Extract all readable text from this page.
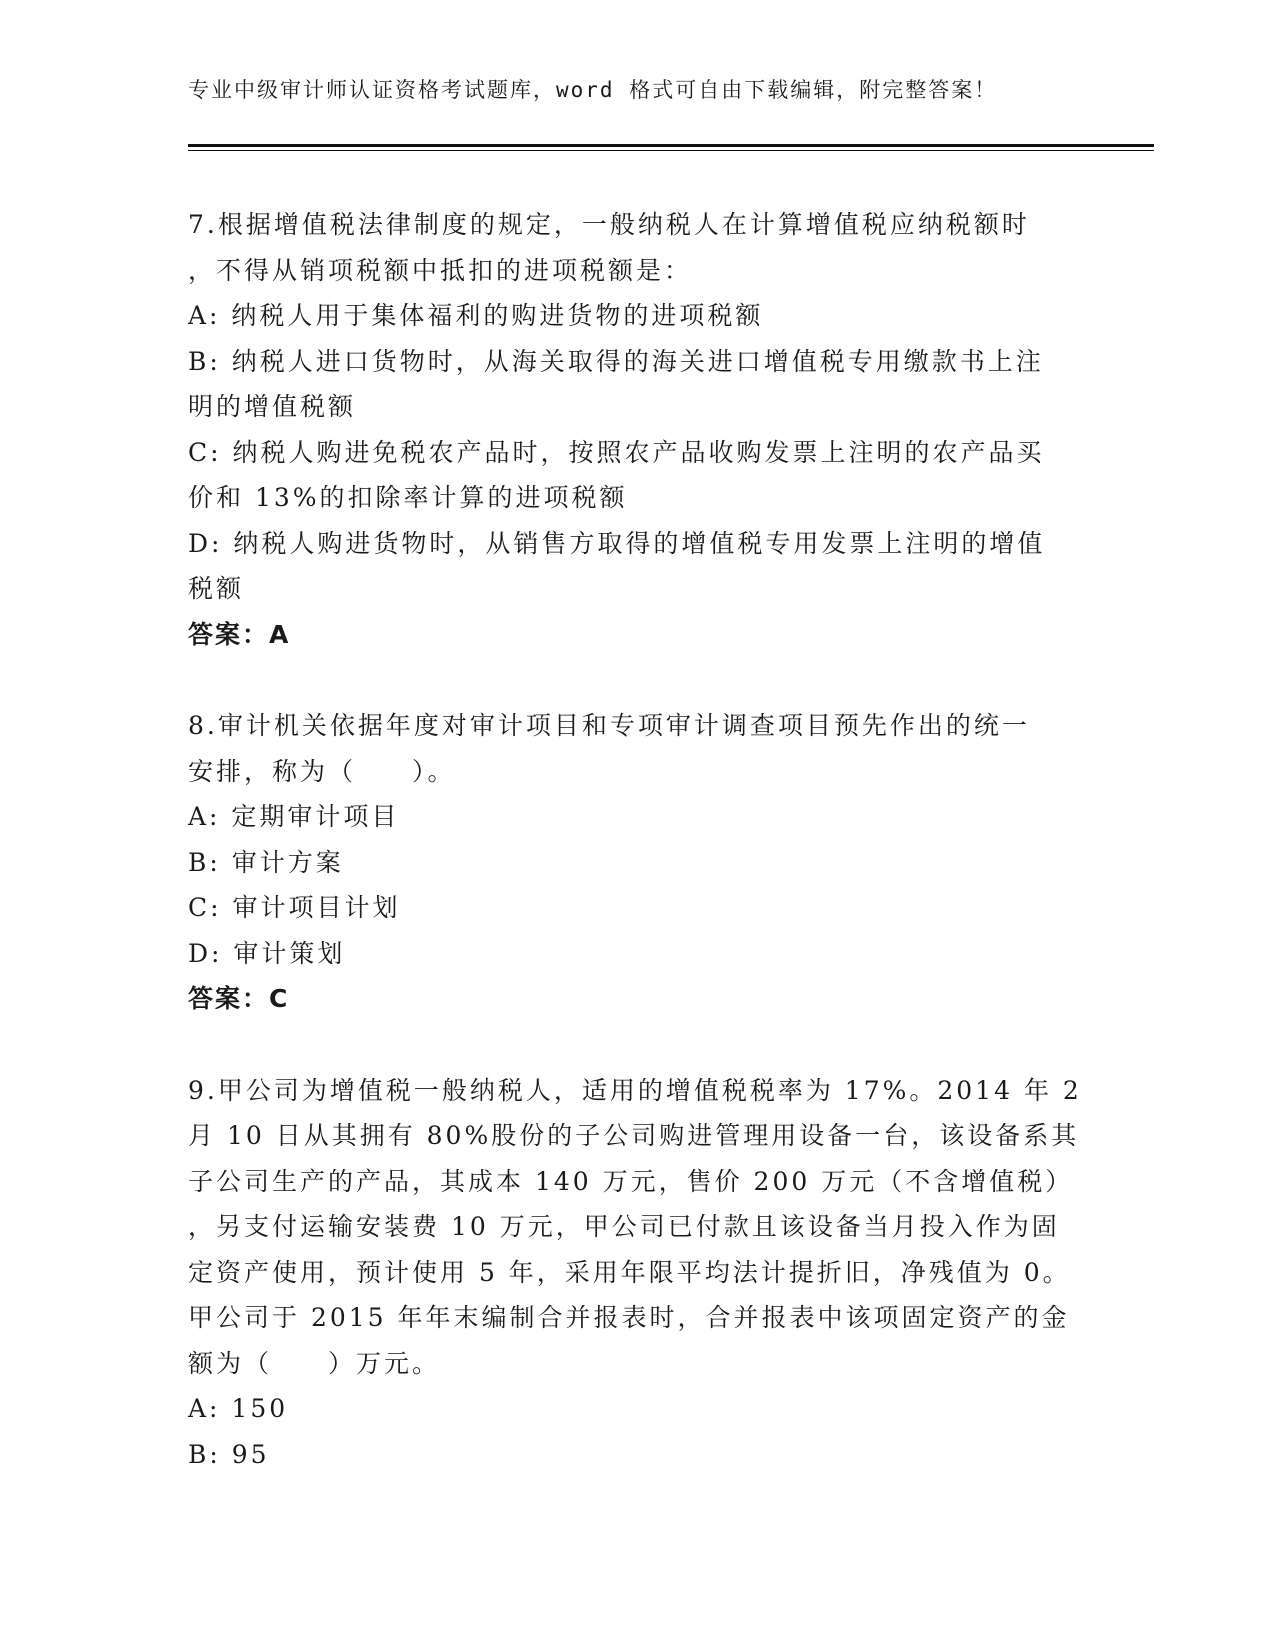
专业中级审计师认证资格考试题库，word 格式可自由下载编辑，附完整答案！
7.根据增值税法律制度的规定，一般纳税人在计算增值税应纳税额时
，不得从销项税额中抵扣的进项税额是：
A: 纳税人用于集体福利的购进货物的进项税额
B: 纳税人进口货物时，从海关取得的海关进口增值税专用缴款书上注
明的增值税额
C: 纳税人购进免税农产品时，按照农产品收购发票上注明的农产品买
价和 13%的扣除率计算的进项税额
D: 纳税人购进货物时，从销售方取得的增值税专用发票上注明的增值
税额
答案：A
8.审计机关依据年度对审计项目和专项审计调查项目预先作出的统一
安排，称为（　　）。
A: 定期审计项目
B: 审计方案
C: 审计项目计划
D: 审计策划
答案：C
9.甲公司为增值税一般纳税人，适用的增值税税率为 17%。2014 年 2
月 10 日从其拥有 80%股份的子公司购进管理用设备一台，该设备系其
子公司生产的产品，其成本 140 万元，售价 200 万元（不含增值税）
，另支付运输安装费 10 万元，甲公司已付款且该设备当月投入作为固
定资产使用，预计使用 5 年，采用年限平均法计提折旧，净残值为 0。
甲公司于 2015 年年末编制合并报表时，合并报表中该项固定资产的金
额为（　　）万元。
A: 150
B: 95
